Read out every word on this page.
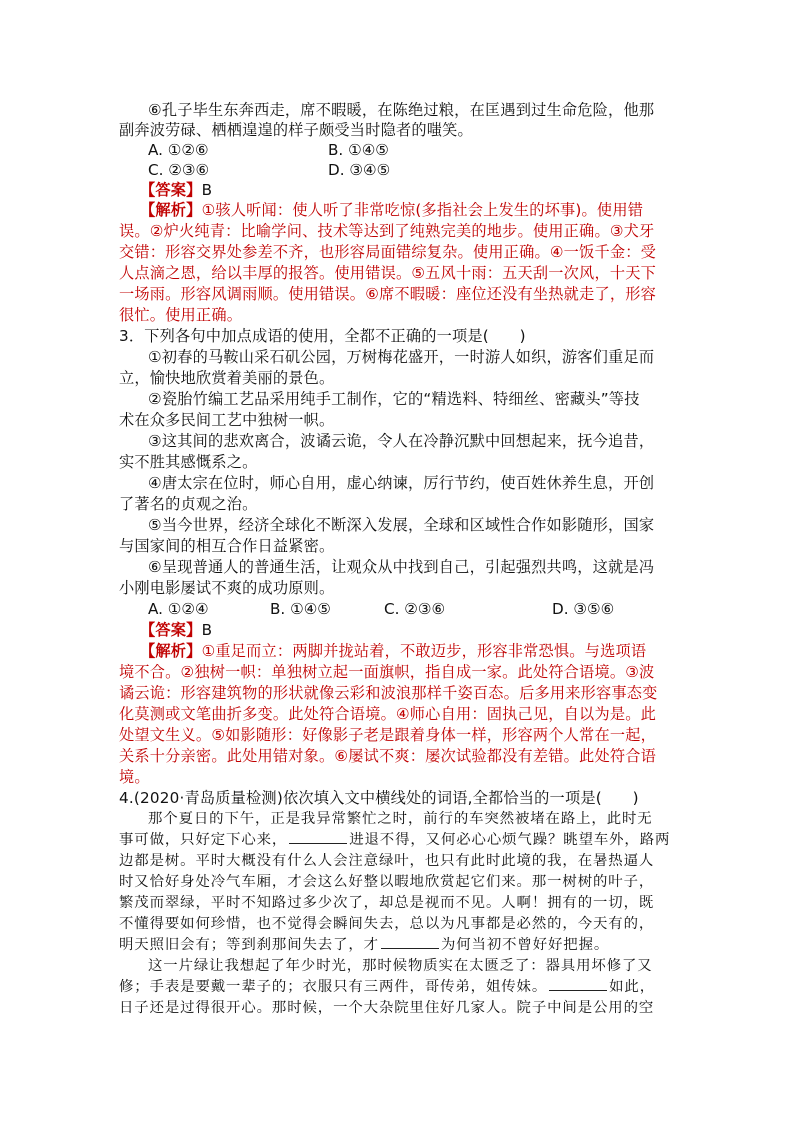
⑥孔子毕生东奔西走，席不暇暖，在陈绝过粮，在匡遇到过生命危险，他那
副奔波劳碌、栖栖遑遑的样子颇受当时隐者的嗤笑。
A. ①②⑥	B. ①④⑤
C. ②③⑥	D. ③④⑤
【答案】B
【解析】①骇人听闻：使人听了非常吃惊(多指社会上发生的坏事)。使用错
误。②炉火纯青：比喻学问、技术等达到了纯熟完美的地步。使用正确。③犬牙
交错：形容交界处参差不齐，也形容局面错综复杂。使用正确。④一饭千金：受
人点滴之恩，给以丰厚的报答。使用错误。⑤五风十雨：五天刮一次风，十天下
一场雨。形容风调雨顺。使用错误。⑥席不暇暖：座位还没有坐热就走了，形容
很忙。使用正确。
3．下列各句中加点成语的使用，全都不正确的一项是(　　)
①初春的马鞍山采石矶公园，万树梅花盛开，一时游人如织，游客们重足而
立，愉快地欣赏着美丽的景色。
②瓷胎竹编工艺品采用纯手工制作，它的“精选料、特细丝、密藏头”等技
术在众多民间工艺中独树一帜。
③这其间的悲欢离合，波谲云诡，令人在冷静沉默中回想起来，抚今追昔，
实不胜其感慨系之。
④唐太宗在位时，师心自用，虚心纳谏，厉行节约，使百姓休养生息，开创
了著名的贞观之治。
⑤当今世界，经济全球化不断深入发展，全球和区域性合作如影随形，国家
与国家间的相互合作日益紧密。
⑥呈现普通人的普通生活，让观众从中找到自己，引起强烈共鸣，这就是冯
小刚电影屡试不爽的成功原则。
A. ①②④	B. ①④⑤	C. ②③⑥	D. ③⑤⑥
【答案】B
【解析】①重足而立：两脚并拢站着，不敢迈步，形容非常恐惧。与选项语
境不合。②独树一帜：单独树立起一面旗帜，指自成一家。此处符合语境。③波
谲云诡：形容建筑物的形状就像云彩和波浪那样千姿百态。后多用来形容事态变
化莫测或文笔曲折多变。此处符合语境。④师心自用：固执己见，自以为是。此
处望文生义。⑤如影随形：好像影子老是跟着身体一样，形容两个人常在一起，
关系十分亲密。此处用错对象。⑥屡试不爽：屡次试验都没有差错。此处符合语
境。
4.(2020·青岛质量检测)依次填入文中横线处的词语,全都恰当的一项是(　　)
那个夏日的下午，正是我异常繁忙之时，前行的车突然被堵在路上，此时无
事可做，只好定下心来，	进退不得，又何必心心烦气躁？眺望车外，路两
边都是树。平时大概没有什么人会注意绿叶，也只有此时此境的我，在暑热逼人
时又恰好身处冷气车厢，才会这么好整以暇地欣赏起它们来。那一树树的叶子，
繁茂而翠绿，平时不知路过多少次了，却总是视而不见。人啊！拥有的一切，既
不懂得要如何珍惜，也不觉得会瞬间失去，总以为凡事都是必然的，今天有的，
明天照旧会有；等到刹那间失去了，才	为何当初不曾好好把握。
这一片绿让我想起了年少时光，那时候物质实在太匮乏了：器具用坏修了又
修；手表是要戴一辈子的；衣服只有三两件，哥传弟，姐传妹。	如此，
日子还是过得很开心。那时候，一个大杂院里住好几家人。院子中间是公用的空
